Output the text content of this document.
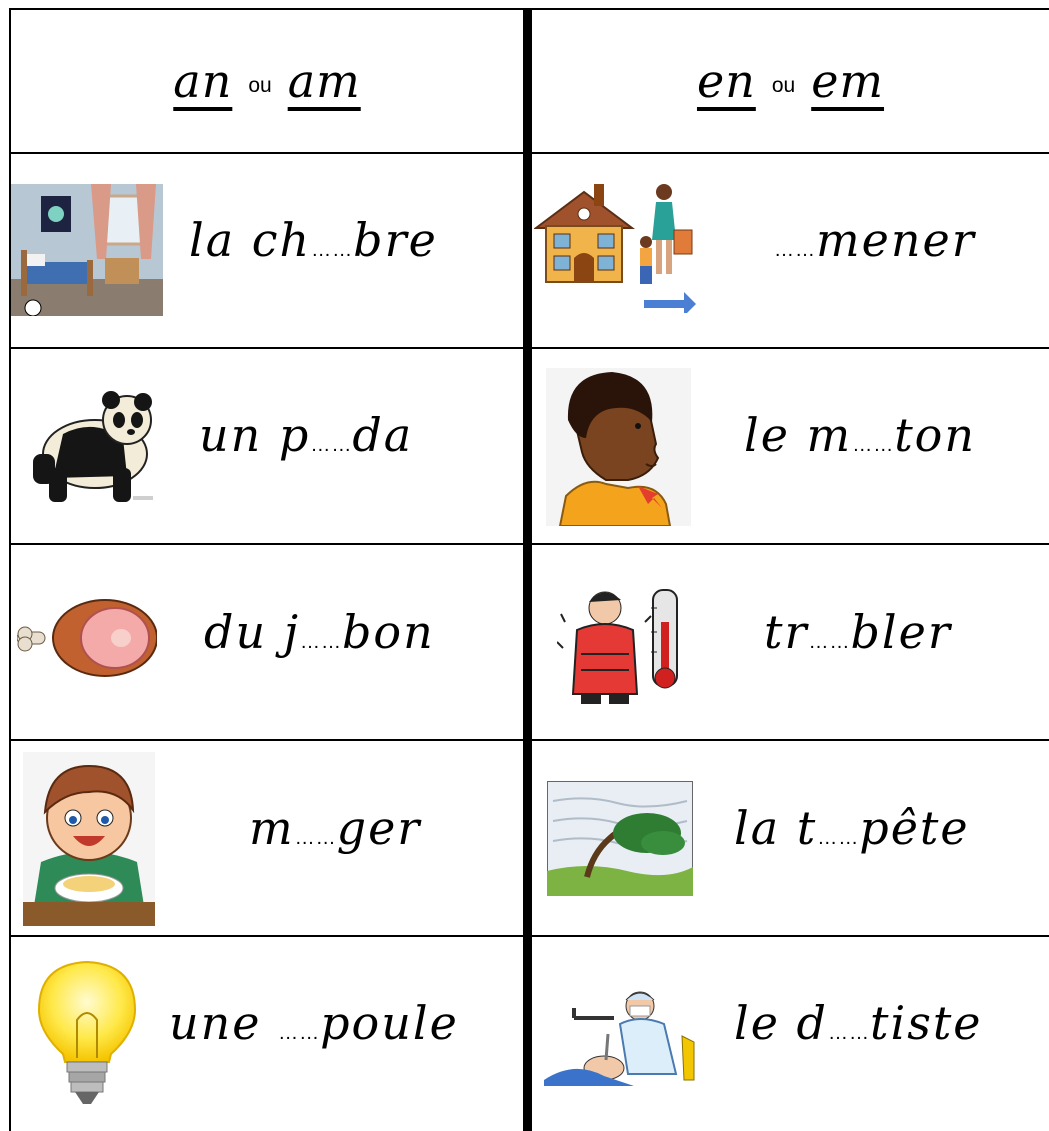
an ou am	en ou em
la ch……bre	……mener
un p……da	le m……ton
du j……bon	tr……bler
m……ger	la t……pête
une ……poule	le d……tiste
